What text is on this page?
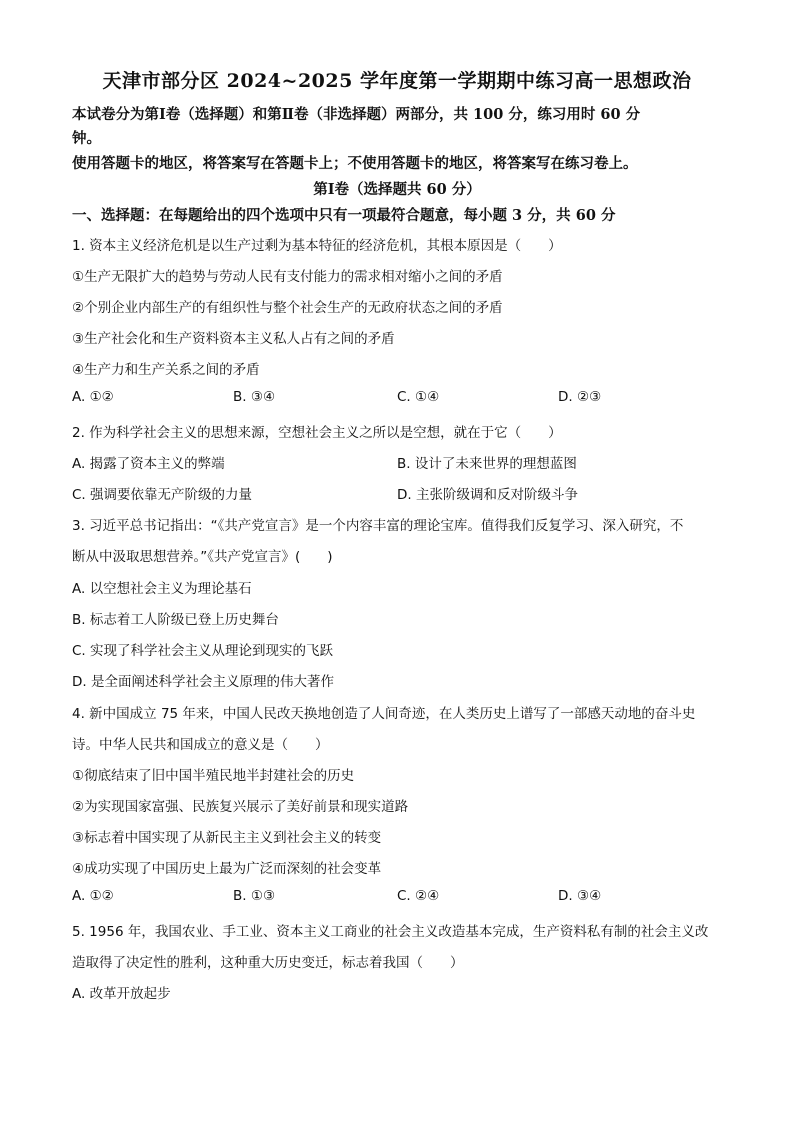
天津市部分区 2024~2025 学年度第一学期期中练习高一思想政治
本试卷分为第Ⅰ卷（选择题）和第Ⅱ卷（非选择题）两部分，共 100 分，练习用时 60 分
钟。
使用答题卡的地区，将答案写在答题卡上；不使用答题卡的地区，将答案写在练习卷上。
第Ⅰ卷（选择题共 60 分）
一、选择题：在每题给出的四个选项中只有一项最符合题意，每小题 3 分，共 60 分
1. 资本主义经济危机是以生产过剩为基本特征的经济危机，其根本原因是（　　）
①生产无限扩大的趋势与劳动人民有支付能力的需求相对缩小之间的矛盾
②个别企业内部生产的有组织性与整个社会生产的无政府状态之间的矛盾
③生产社会化和生产资料资本主义私人占有之间的矛盾
④生产力和生产关系之间的矛盾
A. ①②	B. ③④	C. ①④	D. ②③
2. 作为科学社会主义的思想来源，空想社会主义之所以是空想，就在于它（　　）
A. 揭露了资本主义的弊端	B. 设计了未来世界的理想蓝图
C. 强调要依靠无产阶级的力量	D. 主张阶级调和反对阶级斗争
3. 习近平总书记指出：“《共产党宣言》是一个内容丰富的理论宝库。值得我们反复学习、深入研究，不
断从中汲取思想营养。”《共产党宣言》(　　)
A. 以空想社会主义为理论基石
B. 标志着工人阶级已登上历史舞台
C. 实现了科学社会主义从理论到现实的飞跃
D. 是全面阐述科学社会主义原理的伟大著作
4. 新中国成立 75 年来，中国人民改天换地创造了人间奇迹，在人类历史上谱写了一部感天动地的奋斗史
诗。中华人民共和国成立的意义是（　　）
①彻底结束了旧中国半殖民地半封建社会的历史
②为实现国家富强、民族复兴展示了美好前景和现实道路
③标志着中国实现了从新民主主义到社会主义的转变
④成功实现了中国历史上最为广泛而深刻的社会变革
A. ①②	B. ①③	C. ②④	D. ③④
5. 1956 年，我国农业、手工业、资本主义工商业的社会主义改造基本完成，生产资料私有制的社会主义改
造取得了决定性的胜利，这种重大历史变迁，标志着我国（　　）
A. 改革开放起步
